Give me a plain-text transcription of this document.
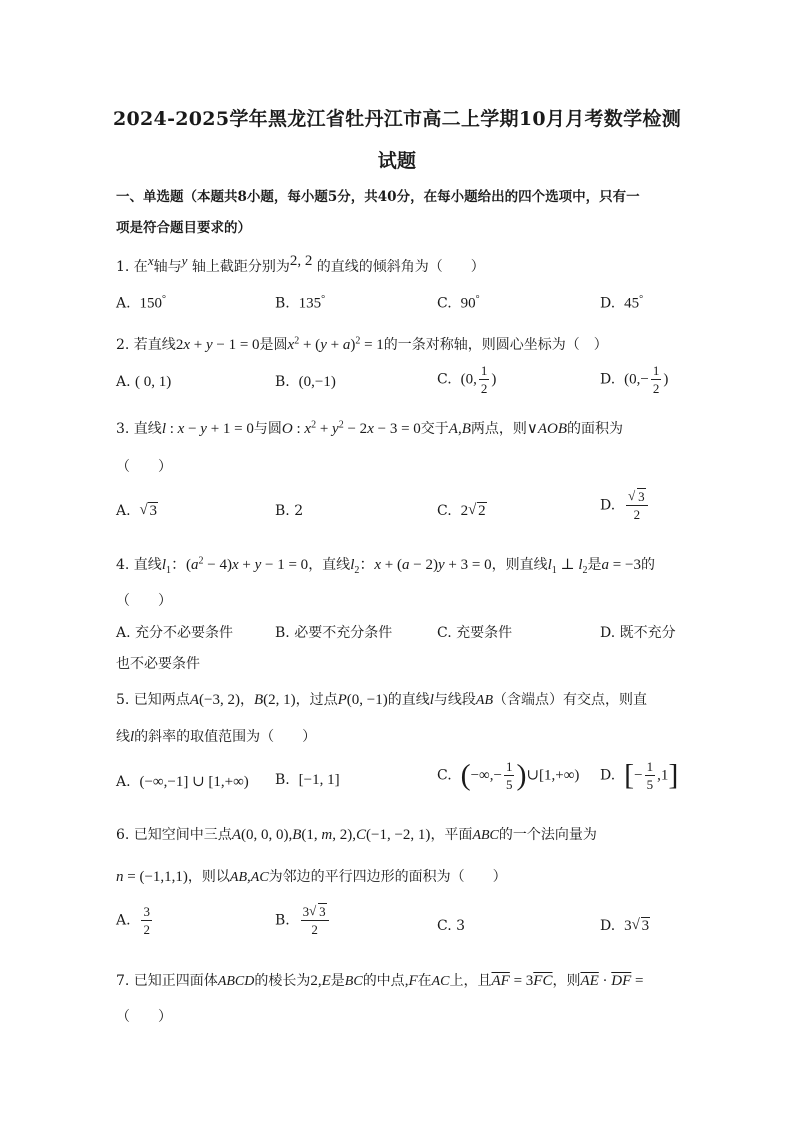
2024-2025学年黑龙江省牡丹江市高二上学期10月月考数学检测
试题
一、单选题（本题共8小题，每小题5分，共40分，在每小题给出的四个选项中，只有一
项是符合题目要求的）
1. 在x轴与y 轴上截距分别为2, 2 的直线的倾斜角为（　　）
A. 150°	B. 135°	C. 90°	D. 45°
2. 若直线2x + y − 1 = 0是圆$x^2 + (y + a)^2 = 1$的一条对称轴，则圆心坐标为（　）
A. ( 0, 1)	B. (0,−1)	C. (0, $\frac{1}{2}$ )	D. ($0,- \frac{1}{2}$ )
3. 直线l : x − y + 1 = 0与圆O : $x^2 + y^2 - 2x - 3 = 0$交于A,B两点，则∨AOB的面积为
（　　）
A. √ 3	B. 2	C. 2 √ 2	D. √ $\frac{3}{2}$
4. 直线$l_1$：$(a^2 - 4)x + y - 1 = 0$，直线$l_2$：x + (a − 2)y + 3 = 0，则直线$l_1$ ⊥ $l_2$是a = −3的
（　　）
A. 充分不必要条件	B. 必要不充分条件	C. 充要条件	D. 既不充分
也不必要条件
5. 已知两点A(−3, 2)，B(2, 1)，过点P(0, −1)的直线l与线段AB（含端点）有交点，则直
线l的斜率的取值范围为（　　）
A. (−∞,−1] ∪ [1,+∞) B. [−1, 1]	C. (−∞,− $\frac{1}{5}$ )∪[1,+∞) D. [− $\frac{1}{5} ,1$]
6. 已知空间中三点A(0, 0, 0),B(1, m, 2),C(−1, −2, 1)，平面ABC的一个法向量为
n = (−1,1,1)，则以AB,AC为邻边的平行四边形的面积为（　　）
A. $\frac{3}{2}$	B. $\frac{3 √ 3}{2}$	C. 3	D. 3 √ 3
7. 已知正四面体ABCD的棱长为2,E是BC的中点,F在AC上，且$\overline{AF} = 3\overline{FC}$，则$\overline{AE} \cdot \overline{DF}$ =
（　　）
